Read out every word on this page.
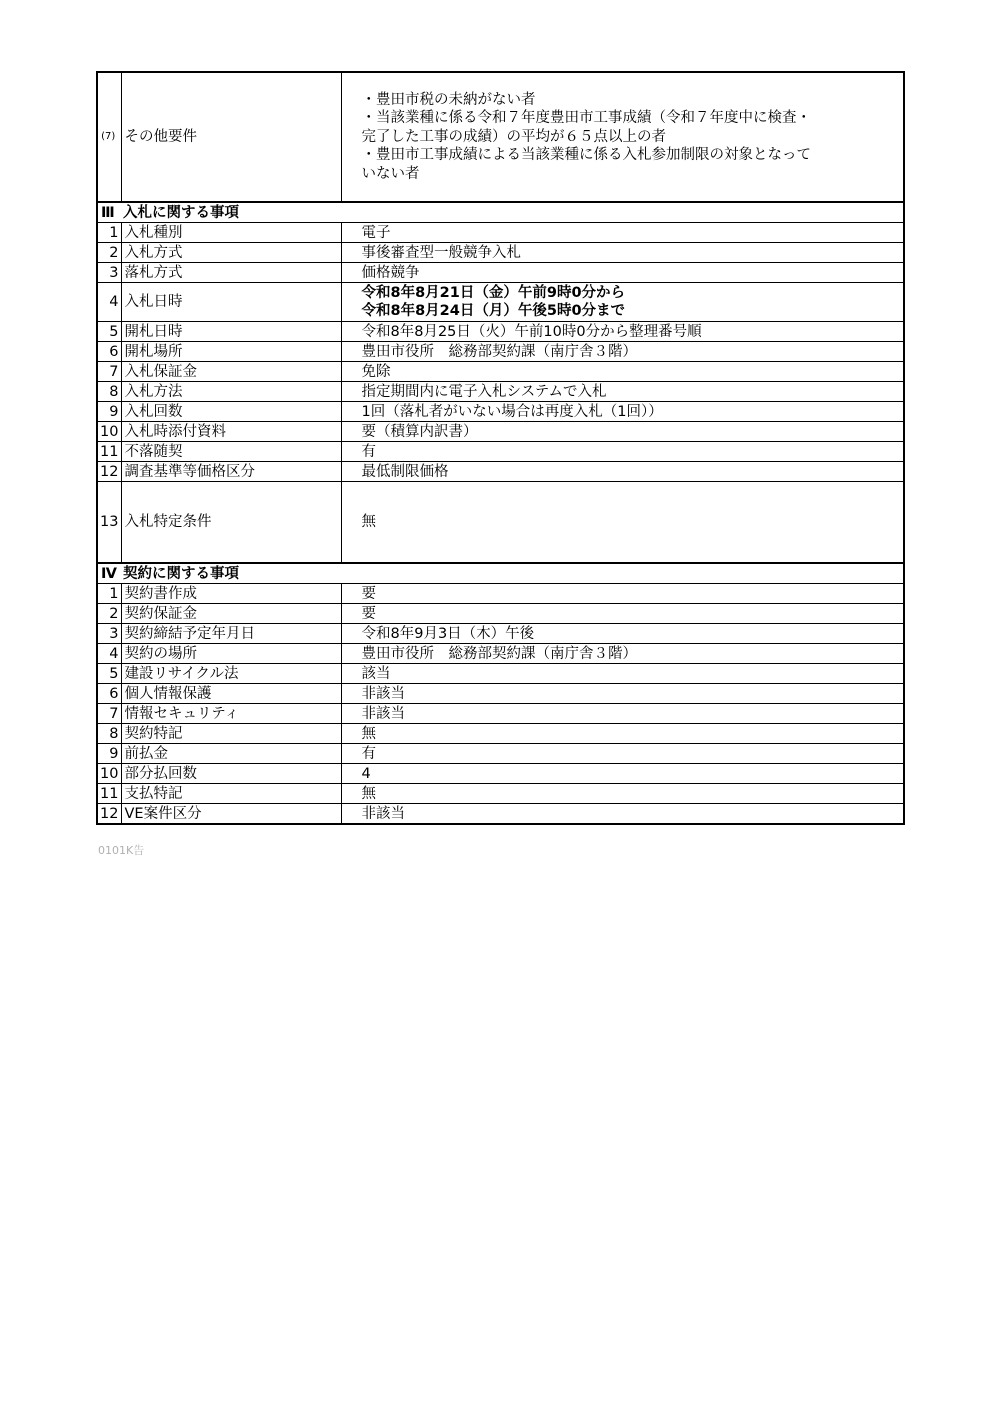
(7)	その他要件	・豊田市税の未納がない者
・当該業種に係る令和７年度豊田市工事成績（令和７年度中に検査・
完了した工事の成績）の平均が６５点以上の者
・豊田市工事成績による当該業種に係る入札参加制限の対象となって
いない者

Ⅲ 入札に関する事項		
1	入札種別	電子
2	入札方式	事後審査型一般競争入札
3	落札方式	価格競争
4	入札日時	令和8年8月21日（金）午前9時0分から
令和8年8月24日（月）午後5時0分まで

5	開札日時	令和8年8月25日（火）午前10時0分から整理番号順
6	開札場所	豊田市役所　総務部契約課（南庁舎３階）
7	入札保証金	免除
8	入札方法	指定期間内に電子入札システムで入札
9	入札回数	1回（落札者がいない場合は再度入札（1回））
10	入札時添付資料	要（積算内訳書）
11	不落随契	有
12	調査基準等価格区分	最低制限価格
13	入札特定条件	無
Ⅳ 契約に関する事項		
1	契約書作成	要
2	契約保証金	要
3	契約締結予定年月日	令和8年9月3日（木）午後
4	契約の場所	豊田市役所　総務部契約課（南庁舎３階）
5	建設リサイクル法	該当
6	個人情報保護	非該当
7	情報セキュリティ	非該当
8	契約特記	無
9	前払金	有
10	部分払回数	4
11	支払特記	無
12	VE案件区分	非該当
0101K告
